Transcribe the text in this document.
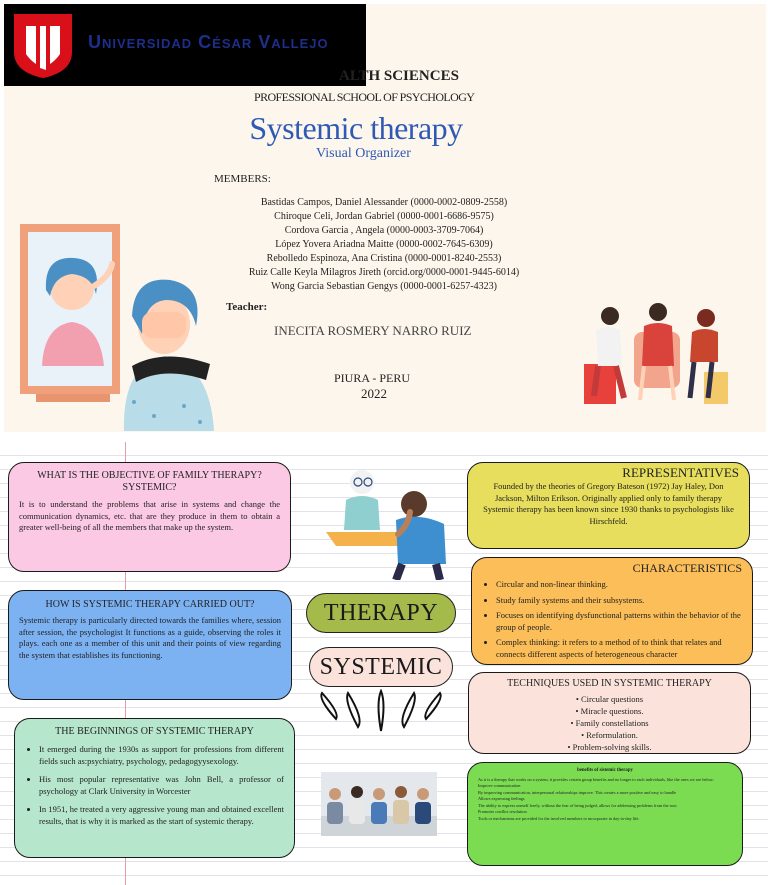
Universidad César Vallejo
ALTH SCIENCES
PROFESSIONAL SCHOOL OF PSYCHOLOGY
Systemic therapy
Visual Organizer
MEMBERS:
Bastidas Campos, Daniel Alessander (0000-0002-0809-2558)
Chiroque Celi, Jordan Gabriel (0000-0001-6686-9575)
Cordova Garcia , Angela (0000-0003-3709-7064)
López Yovera Ariadna Maitte (0000-0002-7645-6309)
Rebolledo Espinoza, Ana Cristina (0000-0001-8240-2553)
Ruiz Calle Keyla Milagros Jireth (orcid.org/0000-0001-9445-6014)
Wong Garcia Sebastian Gengys (0000-0001-6257-4323)
Teacher:
INECITA ROSMERY NARRO RUIZ
PIURA - PERU
2022
WHAT IS THE OBJECTIVE OF FAMILY THERAPY?
SYSTEMIC?

It is to understand the problems that arise in systems and change the communication dynamics, etc. that are they produce in them to obtain a greater well-being of all the members that make up the system.

HOW IS SYSTEMIC THERAPY CARRIED OUT?

Systemic therapy is particularly directed towards the families where, session after session, the psychologist It functions as a guide, observing the roles it plays. each one as a member of this unit and their points of view regarding the system that establishes its functioning.

THE BEGINNINGS OF SYSTEMIC THERAPY
• It emerged during the 1930s as support for professions from different fields such as:psychiatry, psychology, pedagogyysexology.
• His most popular representative was John Bell, a professor of psychology at Clark University in Worcester
• In 1951, he treated a very aggressive young man and obtained excellent results, that is why it is marked as the start of systemic therapy.
THERAPY
SYSTEMIC
REPRESENTATIVES

Founded by the theories of Gregory Bateson (1972) Jay Haley, Don Jackson, Milton Erikson. Originally applied only to family therapy

Systemic therapy has been known since 1930 thanks to psychologists like Hirschfeld.

CHARACTERISTICS
• Circular and non-linear thinking.
• Study family systems and their subsystems.
• Focuses on identifying dysfunctional patterns within the behavior of the group of people.
• Complex thinking: it refers to a method of to think that relates and connects different aspects of heterogeneous character
TECHNIQUES USED IN SYSTEMIC THERAPY
• Circular questions
• Miracle questions.
• Family constellations
• Reformulation.
• Problem-solving skills.
benefits of sistemic therapy

As it is a therapy that works on a system, it provides certain group benefits and no longer to each individuals, like the ones we see below:

Improve communication

By improving communication, interpersonal relationships improve. This creates a more positive and easy to handle

Allows expressing feelings

The ability to express oneself freely, without the fear of being judged, allows for addressing problems from the root.

Promotes conflict resolution

Tools or mechanisms are provided for the involved members to incorporate in day-to-day life.
